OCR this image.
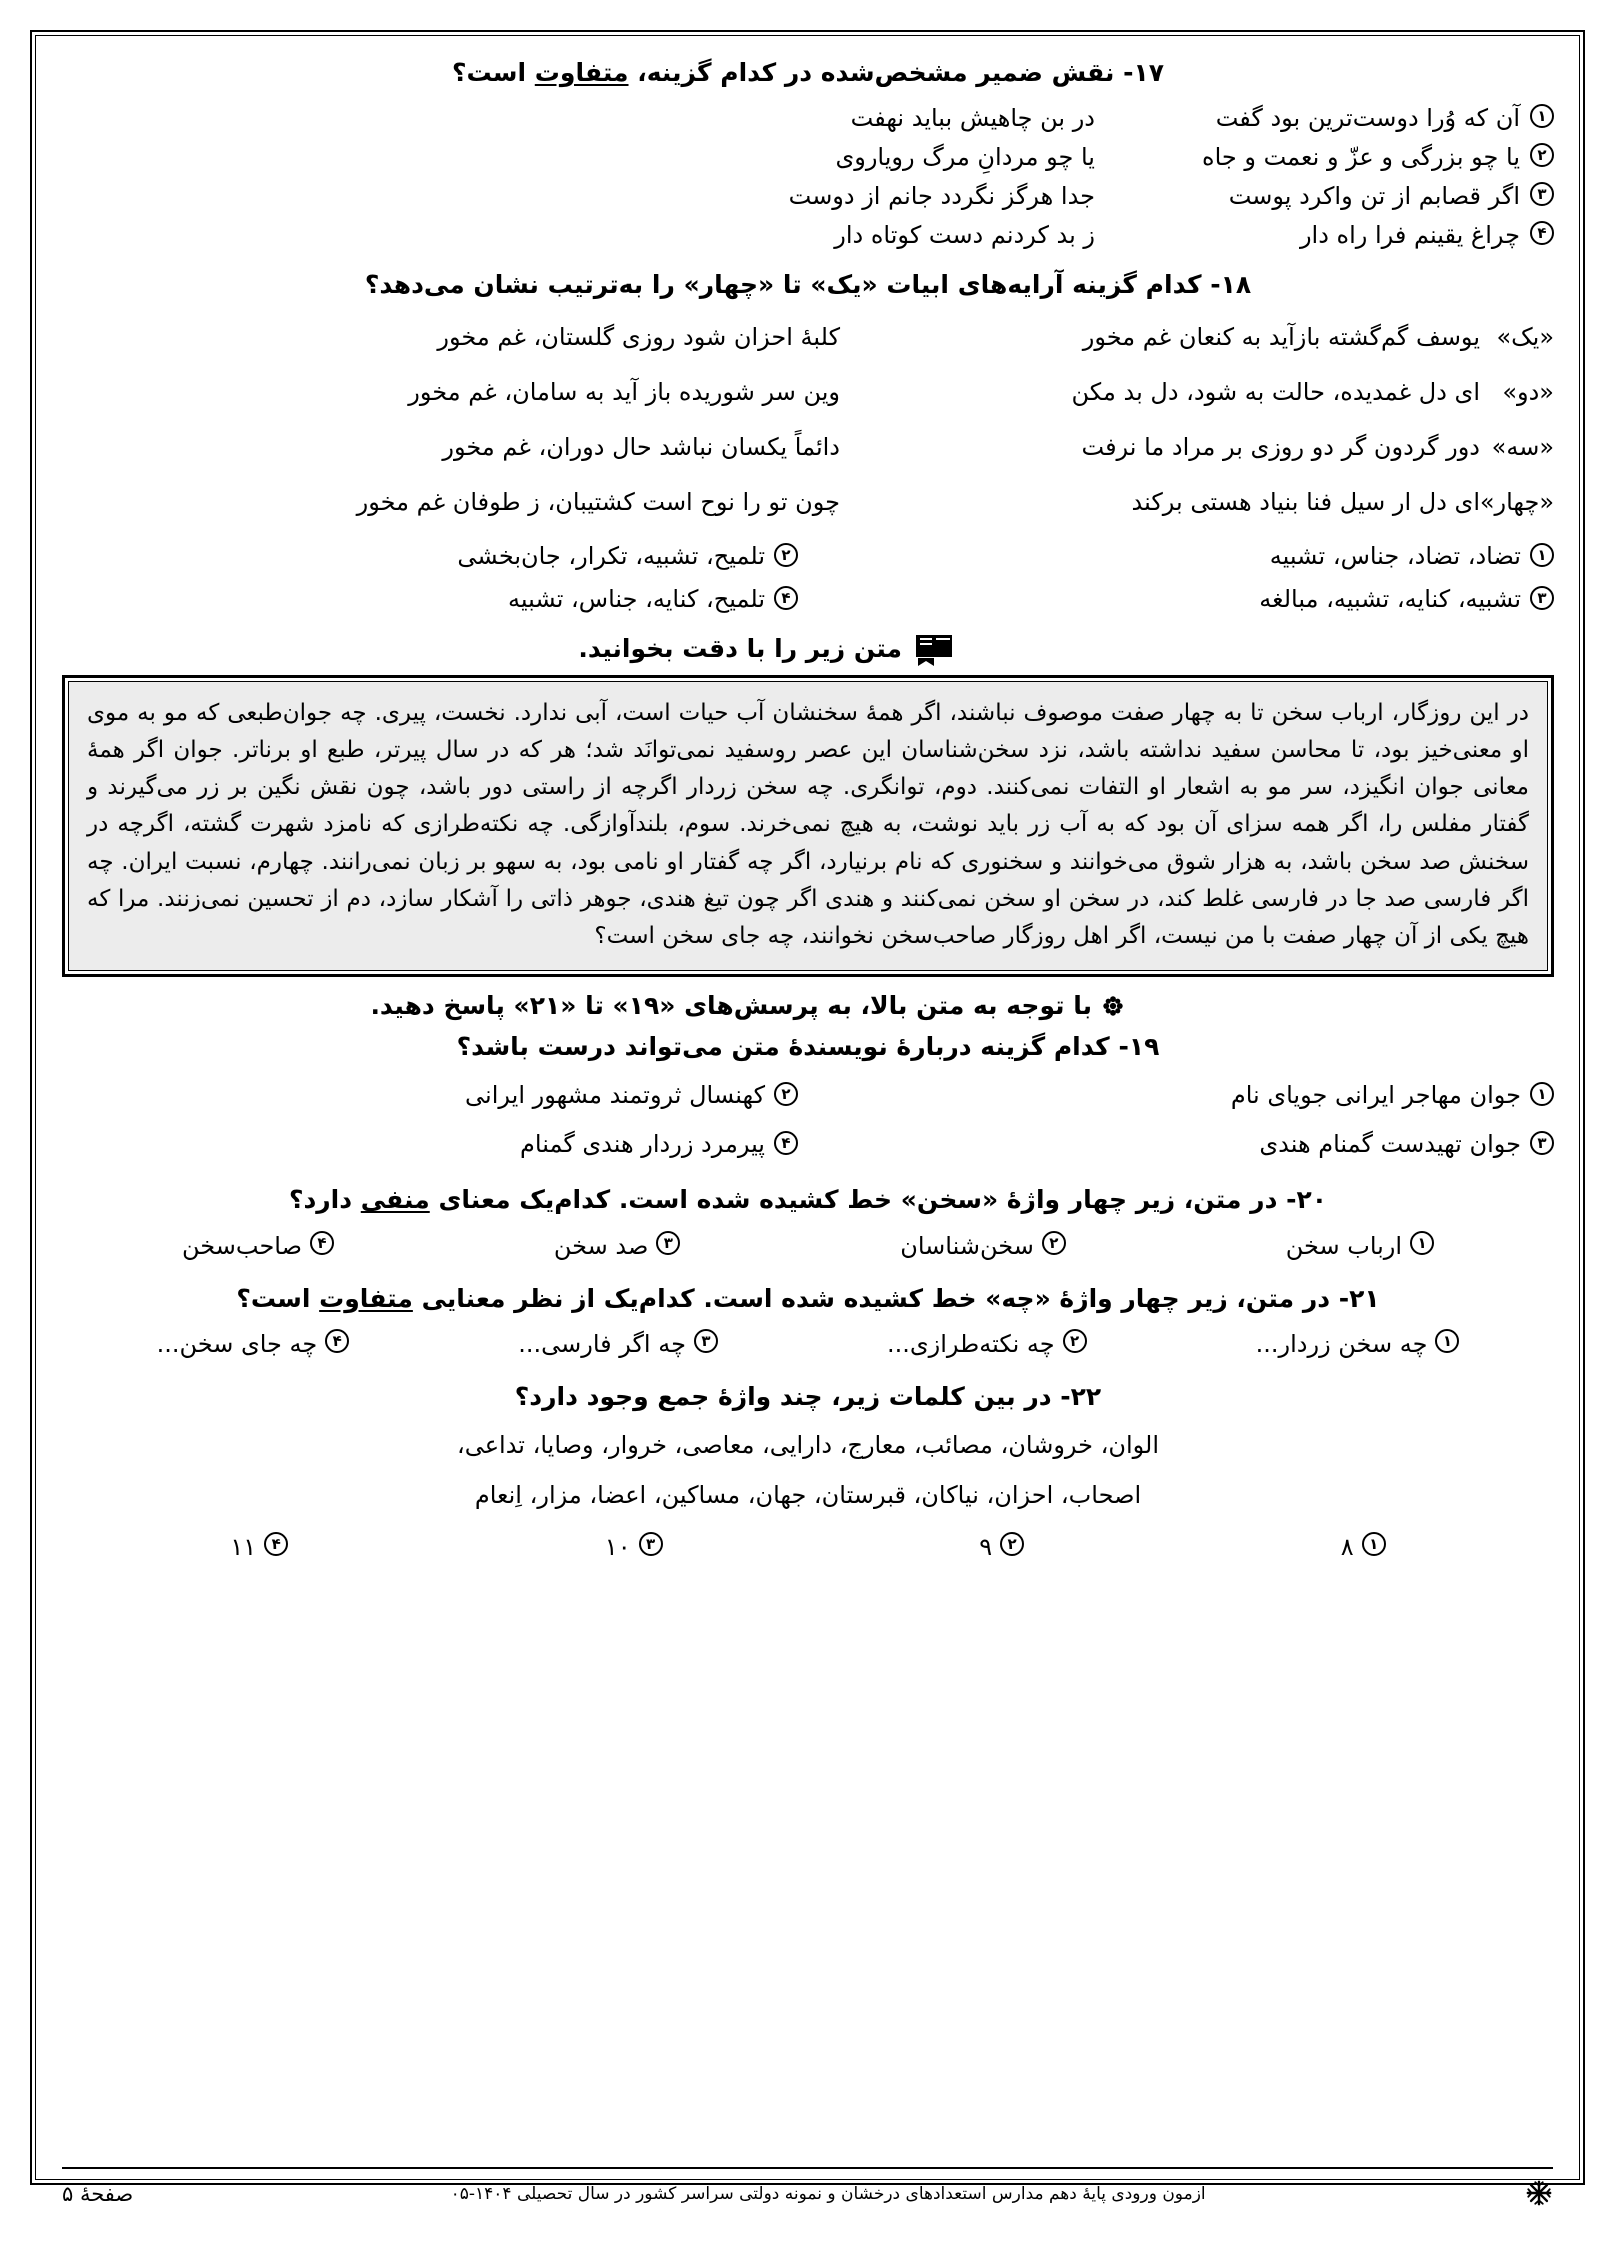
۱۷- نقش ضمیر مشخص‌شده در کدام گزینه، متفاوت است؟
۱
آن که وُرا دوست‌ترین بود گفت
در بن چاهیش بباید نهفت
۲
یا چو بزرگی و عزّ و نعمت و جاه
یا چو مردانِ مرگ رویاروی
۳
اگر قصابم از تن واکرد پوست
جدا هرگز نگردد جانم از دوست
۴
چراغ یقینم فرا راه دار
ز بد کردنم دست کوتاه دار
۱۸- کدام گزینه آرایه‌های ابیات «یک» تا «چهار» را به‌ترتیب نشان می‌دهد؟
«یک»
یوسف گم‌گشته بازآید به کنعان غم مخور
کلبهٔ احزان شود روزی گلستان، غم مخور
«دو»
ای دل غمدیده، حالت به شود، دل بد مکن
وین سر شوریده باز آید به سامان، غم مخور
«سه»
دور گردون گر دو روزی بر مراد ما نرفت
دائماً یکسان نباشد حال دوران، غم مخور
«چهار»
ای دل ار سیل فنا بنیاد هستی برکند
چون تو را نوح است کشتیبان، ز طوفان غم مخور
۱
تضاد، تضاد، جناس، تشبیه
۲
تلمیح، تشبیه، تکرار، جان‌بخشی
۳
تشبیه، کنایه، تشبیه، مبالغه
۴
تلمیح، کنایه، جناس، تشبیه
متن زیر را با دقت بخوانید.

در این روزگار، ارباب سخن تا به چهار صفت موصوف نباشند، اگر همهٔ سخنشان آب حیات است، آبی ندارد. نخست، پیری. چه جوان‌طبعی که مو به موی او معنی‌خیز بود، تا محاسن سفید نداشته باشد، نزد سخن‌شناسان این عصر روسفید نمی‌توانَد شد؛ هر که در سال پیرتر، طبع او برناتر. جوان اگر همهٔ معانی جوان انگیزد، سر مو به اشعار او التفات نمی‌کنند. دوم، توانگری. چه سخن زردار اگرچه از راستی دور باشد، چون نقش نگین بر زر می‌گیرند و گفتار مفلس را، اگر همه سزای آن بود که به آب زر باید نوشت، به هیچ نمی‌خرند. سوم، بلندآوازگی. چه نکته‌طرازی که نامزد شهرت گشته، اگرچه در سخنش صد سخن باشد، به هزار شوق می‌خوانند و سخنوری که نام برنیارد، اگر چه گفتار او نامی بود، به سهو بر زبان نمی‌رانند. چهارم، نسبت ایران. چه اگر فارسی صد جا در فارسی غلط کند، در سخن او سخن نمی‌کنند و هندی اگر چون تیغ هندی، جوهر ذاتی را آشکار سازد، دم از تحسین نمی‌زنند. مرا که هیچ یکی از آن چهار صفت با من نیست، اگر اهل روزگار صاحب‌سخن نخوانند، چه جای سخن است؟

با توجه به متن بالا، به پرسش‌های «۱۹» تا «۲۱» پاسخ دهید.
۱۹- کدام گزینه دربارهٔ نویسندهٔ متن می‌تواند درست باشد؟
۱
جوان مهاجر ایرانی جویای نام
۲
کهنسال ثروتمند مشهور ایرانی
۳
جوان تهیدست گمنام هندی
۴
پیرمرد زردار هندی گمنام
۲۰- در متن، زیر چهار واژهٔ «سخن» خط کشیده شده است. کدام‌یک معنای منفی دارد؟
۱
ارباب سخن
۲
سخن‌شناسان
۳
صد سخن
۴
صاحب‌سخن
۲۱- در متن، زیر چهار واژهٔ «چه» خط کشیده شده است. کدام‌یک از نظر معنایی متفاوت است؟
۱
چه سخن زردار...
۲
چه نکته‌طرازی...
۳
چه اگر فارسی...
۴
چه جای سخن...
۲۲- در بین کلمات زیر، چند واژهٔ جمع وجود دارد؟
الوان، خروشان، مصائب، معارج، دارایی، معاصی، خروار، وصایا، تداعی،
اصحاب، احزان، نیاکان، قبرستان، جهان، مساکین، اعضا، مزار، اِنعام
۱
۸
۲
۹
۳
۱۰
۴
۱۱
آزمون ورودی پایهٔ دهم مدارس استعدادهای درخشان و نمونه دولتی سراسر کشور در سال تحصیلی ۱۴۰۴-۰۵
صفحهٔ ۵
